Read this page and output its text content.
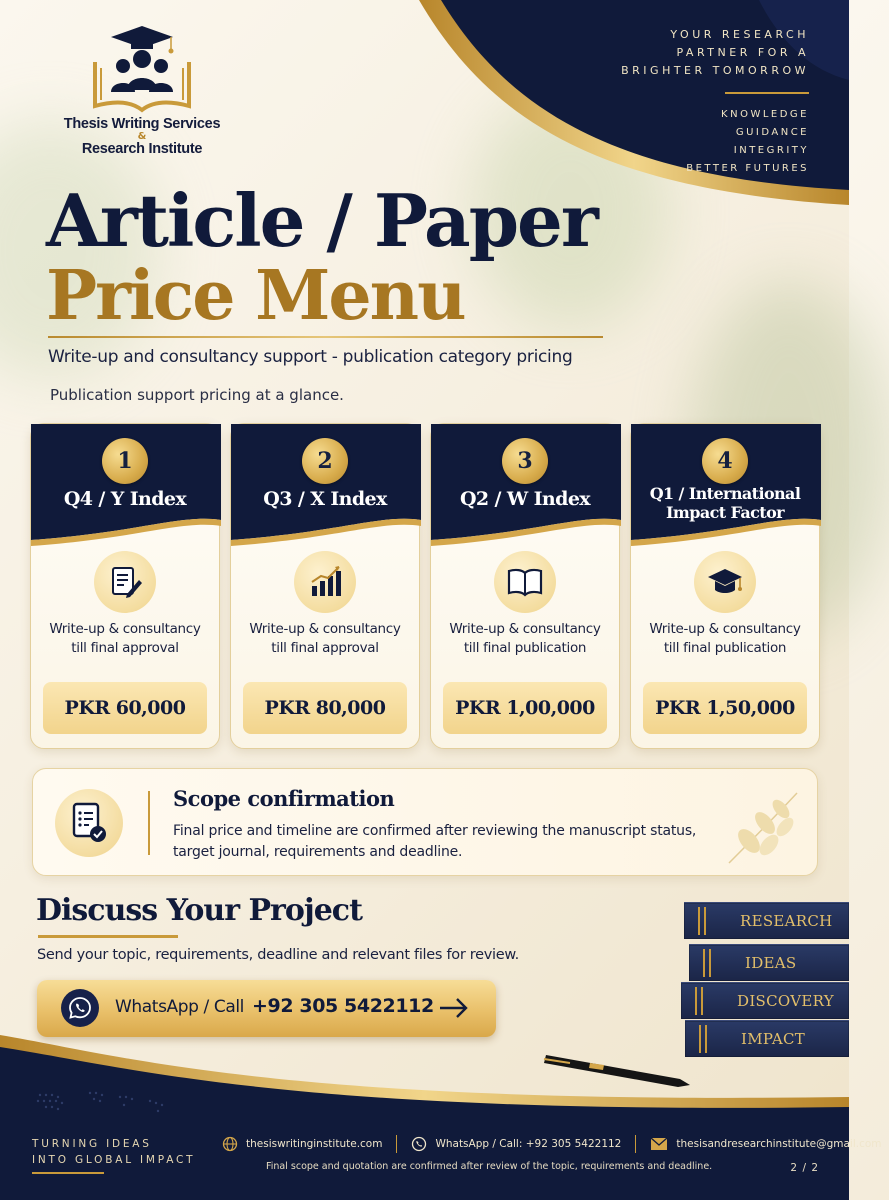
YOUR RESEARCH
PARTNER FOR A
BRIGHTER TOMORROW
KNOWLEDGE
GUIDANCE
INTEGRITY
BETTER FUTURES
Thesis Writing Services
&
Research Institute
Article / Paper
Price Menu
Write-up and consultancy support - publication category pricing
Publication support pricing at a glance.
1
Q4 / Y Index
Write-up & consultancy
till final approval
PKR 60,000
2
Q3 / X Index
Write-up & consultancy
till final approval
PKR 80,000
3
Q2 / W Index
Write-up & consultancy
till final publication
PKR 1,00,000
4
Q1 / International
Impact Factor
Write-up & consultancy
till final publication
PKR 1,50,000
Scope confirmation
Final price and timeline are confirmed after reviewing the manuscript status, target journal, requirements and deadline.
Discuss Your Project
Send your topic, requirements, deadline and relevant files for review.
WhatsApp / Call +92 305 5422112
RESEARCH
IDEAS
DISCOVERY
IMPACT
TURNING IDEAS
INTO GLOBAL IMPACT
thesiswritinginstitute.com	WhatsApp / Call: +92 305 5422112	thesisandresearchinstitute@gmail.com
Final scope and quotation are confirmed after review of the topic, requirements and deadline.	2 / 2
